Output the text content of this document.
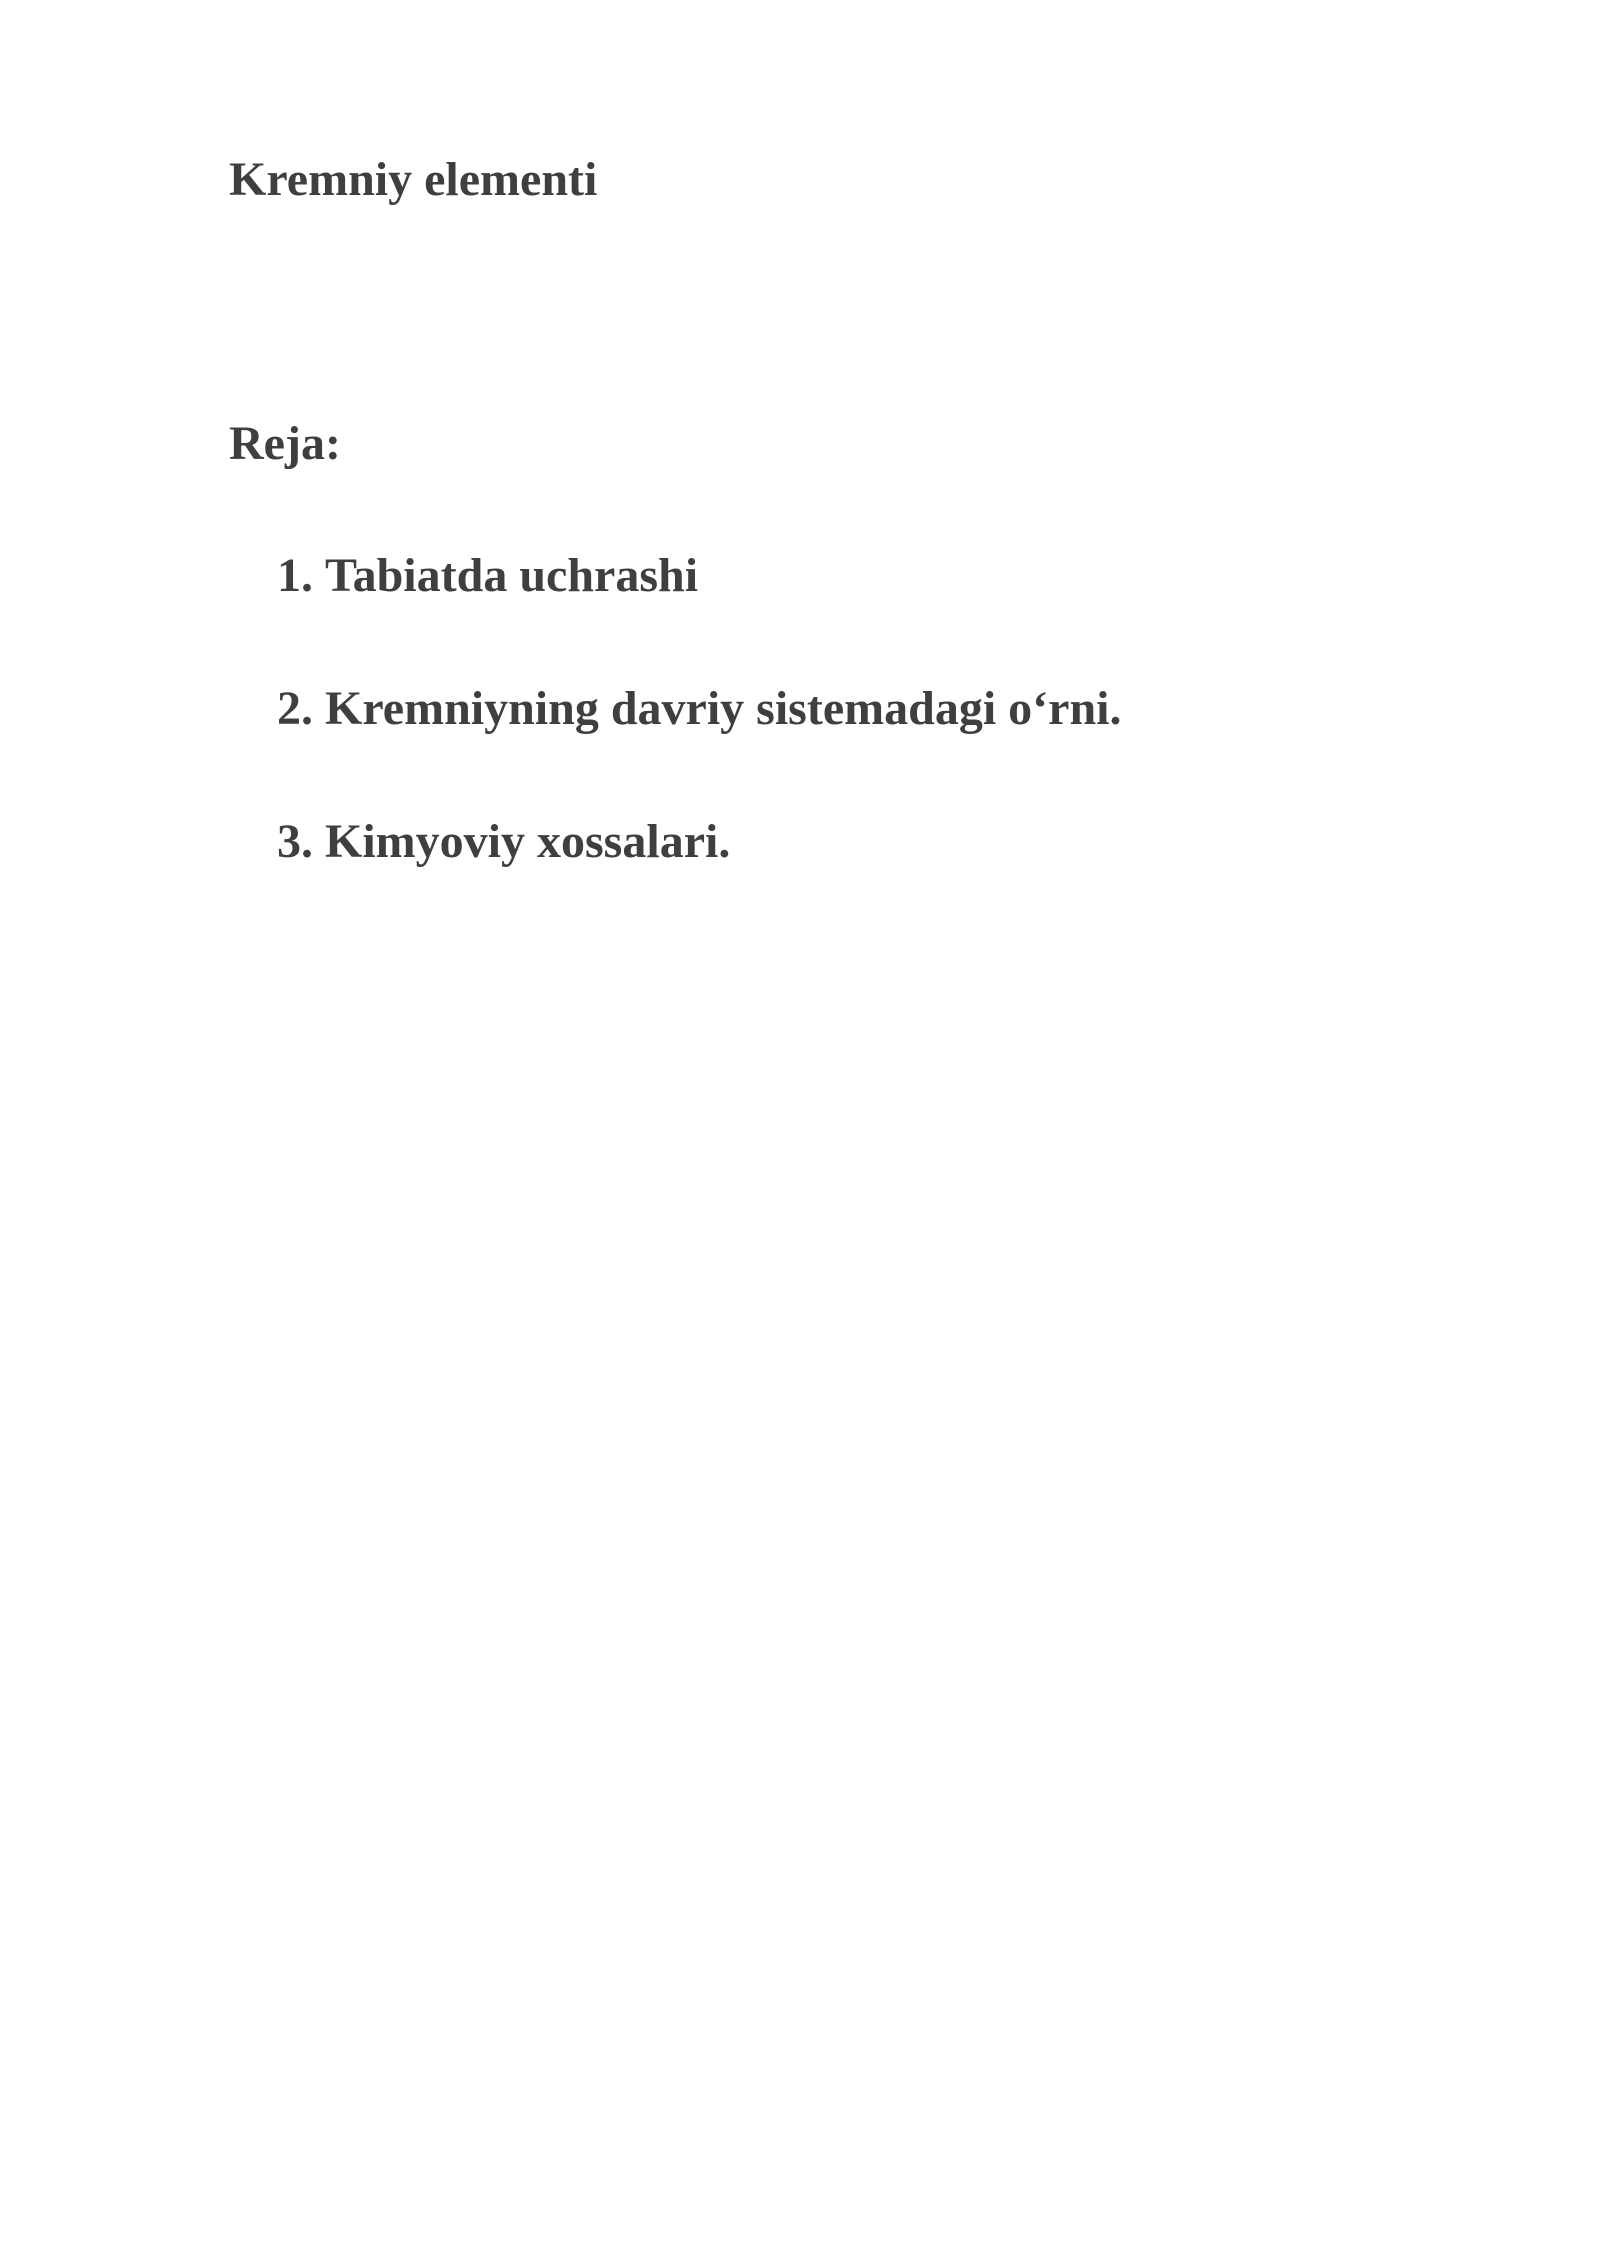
Kremniy elementi
Reja:
1. Tabiatda uchrashi
2. Kremniyning davriy sistemadagi o‘rni.
3. Kimyoviy xossalari.
